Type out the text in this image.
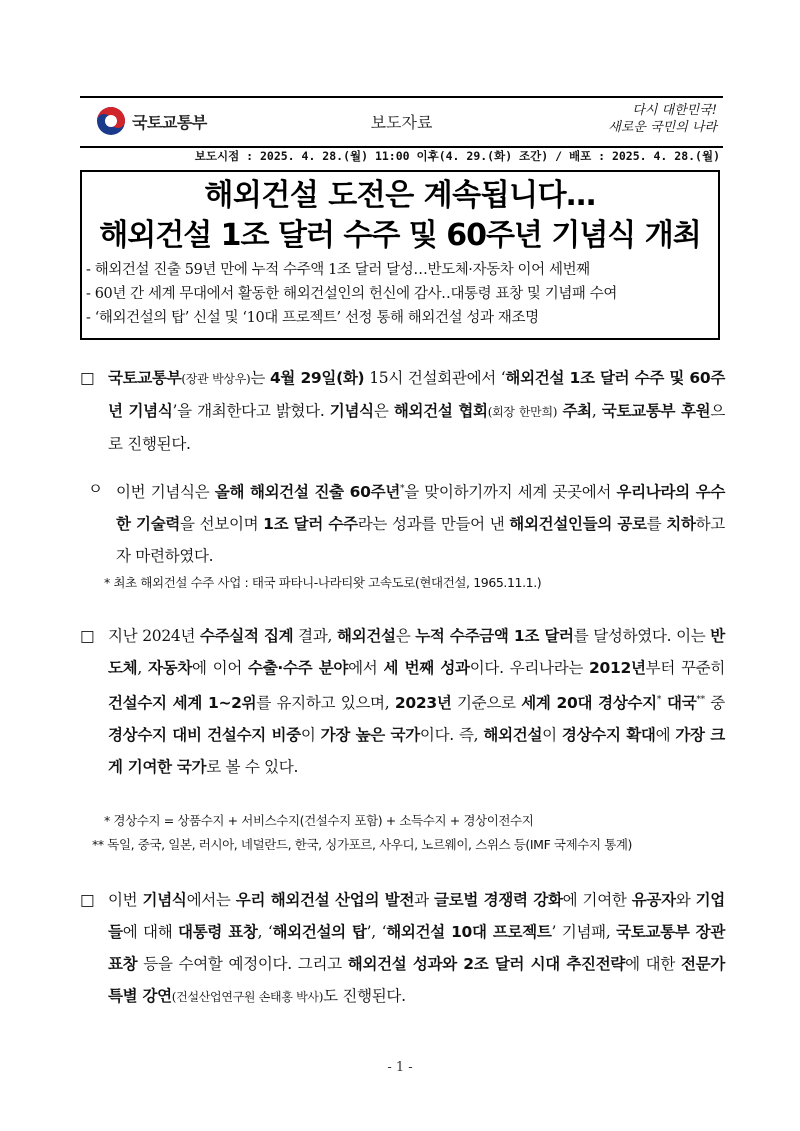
국토교통부	보도자료
다시 대한민국!
새로운 국민의 나라
보도시점 : 2025. 4. 28.(월) 11:00 이후(4. 29.(화) 조간) / 배포 : 2025. 4. 28.(월)
해외건설 도전은 계속됩니다…
해외건설 1조 달러 수주 및 60주년 기념식 개최
- 해외건설 진출 59년 만에 누적 수주액 1조 달러 달성…반도체·자동차 이어 세번째
- 60년 간 세계 무대에서 활동한 해외건설인의 헌신에 감사‥대통령 표창 및 기념패 수여
- ‘해외건설의 탑’ 신설 및 ‘10대 프로젝트’ 선정 통해 해외건설 성과 재조명
□ 국토교통부(장관 박상우)는 4월 29일(화) 15시 건설회관에서 ‘해외건설 1조 달러 수주 및 60주년 기념식’을 개최한다고 밝혔다. 기념식은 해외건설 협회(회장 한만희) 주최, 국토교통부 후원으로 진행된다.
ㅇ 이번 기념식은 올해 해외건설 진출 60주년*을 맞이하기까지 세계 곳곳에서 우리나라의 우수한 기술력을 선보이며 1조 달러 수주라는 성과를 만들어 낸 해외건설인들의 공로를 치하하고자 마련하였다.
* 최초 해외건설 수주 사업 : 태국 파타니-나라티왓 고속도로(현대건설, 1965.11.1.)
□ 지난 2024년 수주실적 집계 결과, 해외건설은 누적 수주금액 1조 달러를 달성하였다. 이는 반도체, 자동차에 이어 수출·수주 분야에서 세 번째 성과이다. 우리나라는 2012년부터 꾸준히 건설수지 세계 1~2위를 유지하고 있으며, 2023년 기준으로 세계 20대 경상수지* 대국** 중 경상수지 대비 건설수지 비중이 가장 높은 국가이다. 즉, 해외건설이 경상수지 확대에 가장 크게 기여한 국가로 볼 수 있다.
* 경상수지 = 상품수지 + 서비스수지(건설수지 포함) + 소득수지 + 경상이전수지
** 독일, 중국, 일본, 러시아, 네덜란드, 한국, 싱가포르, 사우디, 노르웨이, 스위스 등(IMF 국제수지 통계)
□ 이번 기념식에서는 우리 해외건설 산업의 발전과 글로벌 경쟁력 강화에 기여한 유공자와 기업들에 대해 대통령 표창, ‘해외건설의 탑’, ‘해외건설 10대 프로젝트’ 기념패, 국토교통부 장관 표창 등을 수여할 예정이다. 그리고 해외건설 성과와 2조 달러 시대 추진전략에 대한 전문가 특별 강연(건설산업연구원 손태홍 박사)도 진행된다.
- 1 -
